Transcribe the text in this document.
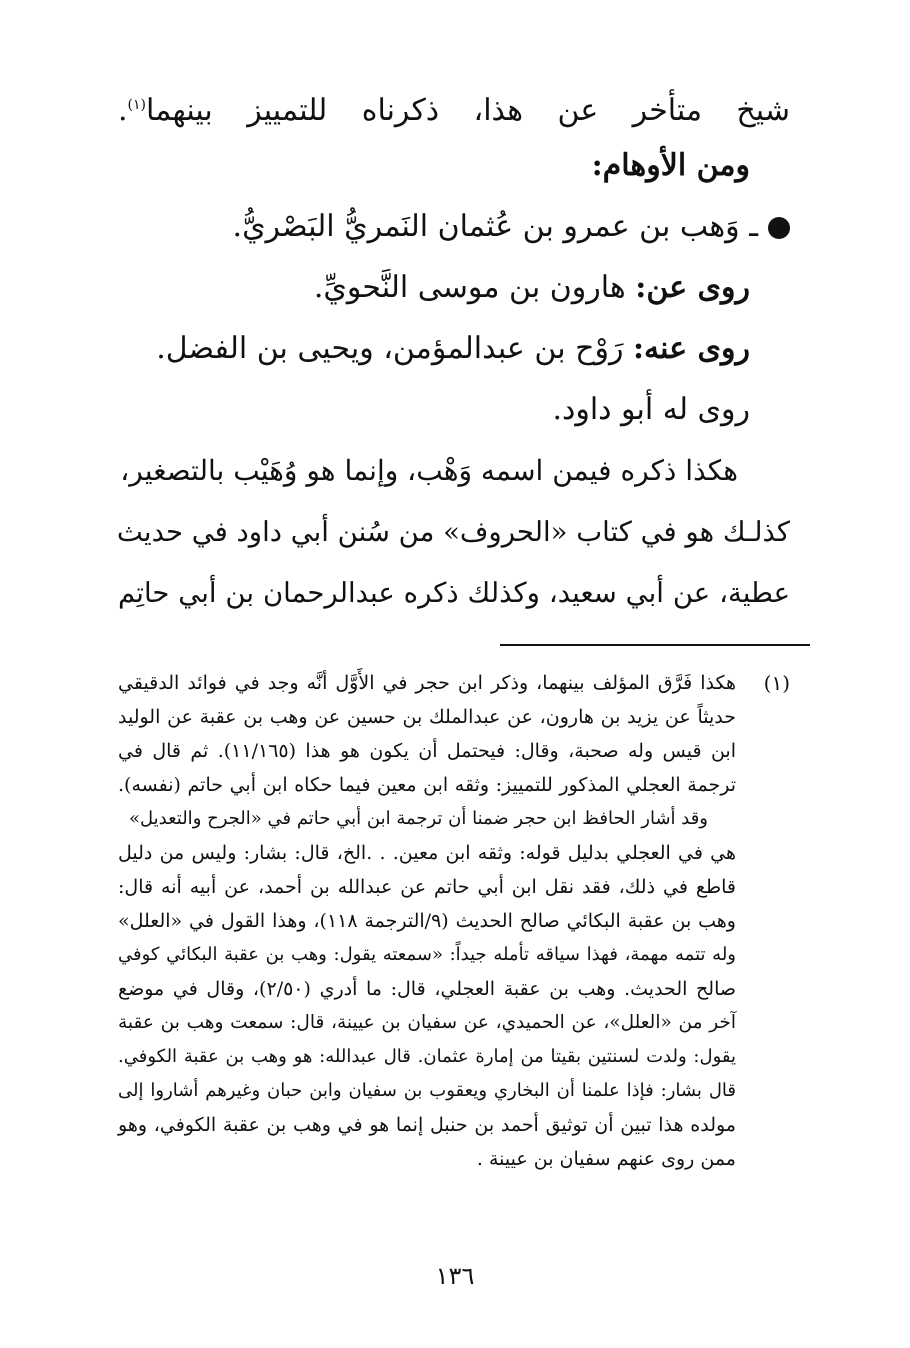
شيخ متأخر عن هذا، ذكرناه للتمييز بينهما$^{(١)}$.
ومن الأوهام:
ـ وَهب بن عمرو بن عُثمان النَمريُّ البَصْريُّ.
روى عن: هارون بن موسى النَّحويِّ.
روى عنه: رَوْح بن عبدالمؤمن، ويحيى بن الفضل.
روى له أبو داود.
هكذا ذكره فيمن اسمه وَهْب، وإنما هو وُهَيْب بالتصغير،
كذلـك هو في كتاب «الحروف» من سُنن أبي داود في حديث
عطية، عن أبي سعيد، وكذلك ذكره عبدالرحمان بن أبي حاتِم
(١)
هكذا فَرَّق المؤلف بينهما، وذكر ابن حجر في الأَوَّل أنَّه وجد في فوائد الدقيقي
حديثاً عن يزيد بن هارون، عن عبدالملك بن حسين عن وهب بن عقبة عن الوليد
ابن قيس وله صحبة، وقال: فيحتمل أن يكون هو هذا (١١/١٦٥). ثم قال في
ترجمة العجلي المذكور للتمييز: وثقه ابن معين فيما حكاه ابن أبي حاتم (نفسه).
وقد أشار الحافظ ابن حجر ضمنا أن ترجمة ابن أبي حاتم في «الجرح والتعديل»
هي في العجلي بدليل قوله: وثقه ابن معين. . .الخ، قال: بشار: وليس من دليل
قاطع في ذلك، فقد نقل ابن أبي حاتم عن عبدالله بن أحمد، عن أبيه أنه قال:
وهب بن عقبة البكائي صالح الحديث (٩/الترجمة ١١٨)، وهذا القول في «العلل»
وله تتمه مهمة، فهذا سياقه تأمله جيداً: «سمعته يقول: وهب بن عقبة البكائي كوفي
صالح الحديث. وهب بن عقبة العجلي، قال: ما أدري (٢/٥٠)، وقال في موضع
آخر من «العلل»، عن الحميدي، عن سفيان بن عيينة، قال: سمعت وهب بن عقبة
يقول: ولدت لسنتين بقيتا من إمارة عثمان. قال عبدالله: هو وهب بن عقبة الكوفي.
قال بشار: فإذا علمنا أن البخاري ويعقوب بن سفيان وابن حبان وغيرهم أشاروا إلى
مولده هذا تبين أن توثيق أحمد بن حنبل إنما هو في وهب بن عقبة الكوفي، وهو
ممن روى عنهم سفيان بن عيينة .
١٣٦
